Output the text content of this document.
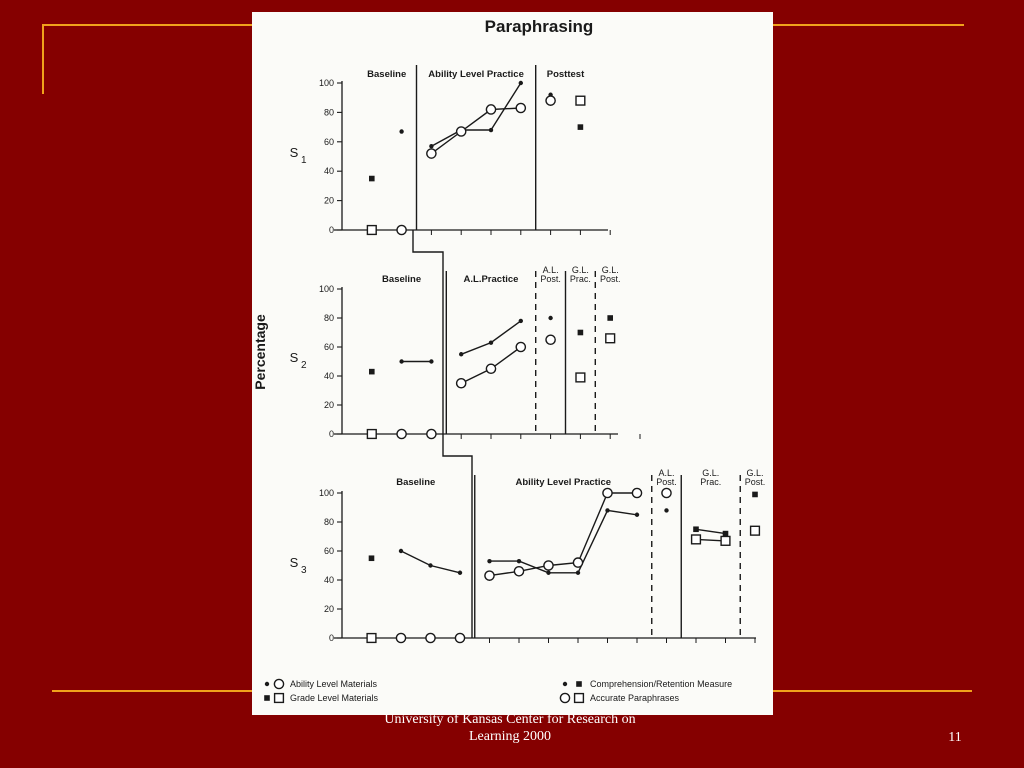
Paraphrasing
Percentage
0
20
40
60
80
100
S
1
Baseline Ability Level Practice Posttest
0
20
40
60
80
100
S
2
Baseline	A.L.Practice
A.L. Post.
G.L. Prac.
G.L. Post.
0
20
40
60
80
100
S
3
Baseline	Ability Level Practice
A.L. Post.
G.L. Prac.
G.L. Post.
Ability Level Materials
Grade Level Materials
Comprehension/Retention Measure
Accurate Paraphrases
University of Kansas Center for Research on
Learning 2000	11
